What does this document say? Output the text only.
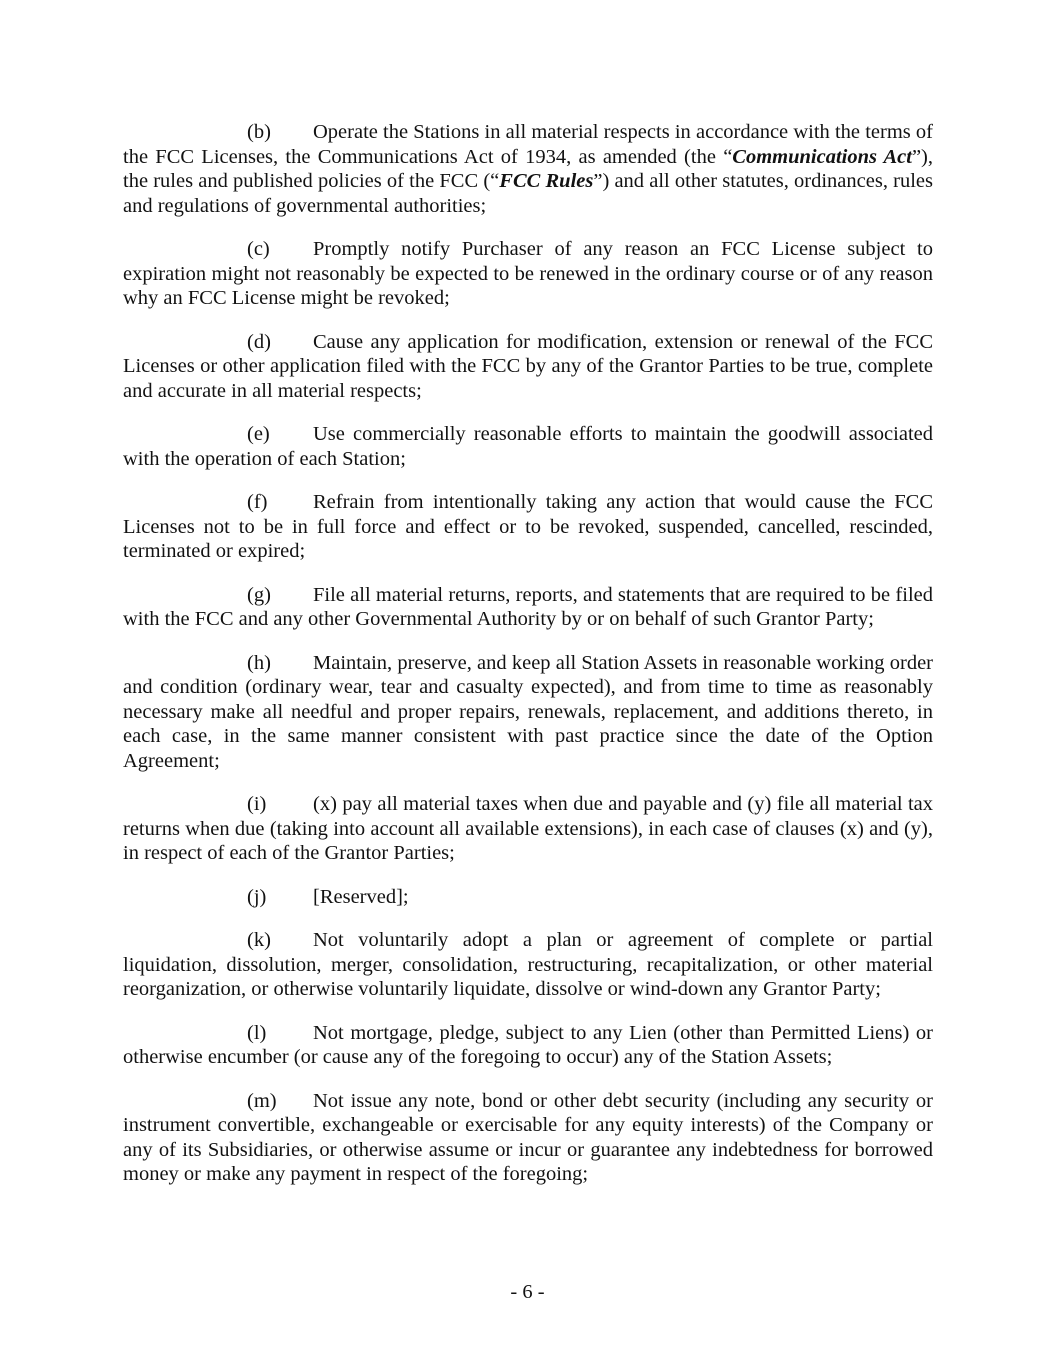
(b) Operate the Stations in all material respects in accordance with the terms of the FCC Licenses, the Communications Act of 1934, as amended (the “Communications Act”), the rules and published policies of the FCC (“FCC Rules”) and all other statutes, ordinances, rules and regulations of governmental authorities;

(c) Promptly notify Purchaser of any reason an FCC License subject to expiration might not reasonably be expected to be renewed in the ordinary course or of any reason why an FCC License might be revoked;

(d) Cause any application for modification, extension or renewal of the FCC Licenses or other application filed with the FCC by any of the Grantor Parties to be true, complete and accurate in all material respects;

(e) Use commercially reasonable efforts to maintain the goodwill associated with the operation of each Station;

(f) Refrain from intentionally taking any action that would cause the FCC Licenses not to be in full force and effect or to be revoked, suspended, cancelled, rescinded, terminated or expired;

(g) File all material returns, reports, and statements that are required to be filed with the FCC and any other Governmental Authority by or on behalf of such Grantor Party;

(h) Maintain, preserve, and keep all Station Assets in reasonable working order and condition (ordinary wear, tear and casualty expected), and from time to time as reasonably necessary make all needful and proper repairs, renewals, replacement, and additions thereto, in each case, in the same manner consistent with past practice since the date of the Option Agreement;

(i) (x) pay all material taxes when due and payable and (y) file all material tax returns when due (taking into account all available extensions), in each case of clauses (x) and (y), in respect of each of the Grantor Parties;

(j) [Reserved];

(k) Not voluntarily adopt a plan or agreement of complete or partial liquidation, dissolution, merger, consolidation, restructuring, recapitalization, or other material reorganization, or otherwise voluntarily liquidate, dissolve or wind-down any Grantor Party;

(l) Not mortgage, pledge, subject to any Lien (other than Permitted Liens) or otherwise encumber (or cause any of the foregoing to occur) any of the Station Assets;

(m) Not issue any note, bond or other debt security (including any security or instrument convertible, exchangeable or exercisable for any equity interests) of the Company or any of its Subsidiaries, or otherwise assume or incur or guarantee any indebtedness for borrowed money or make any payment in respect of the foregoing;

- 6 -
